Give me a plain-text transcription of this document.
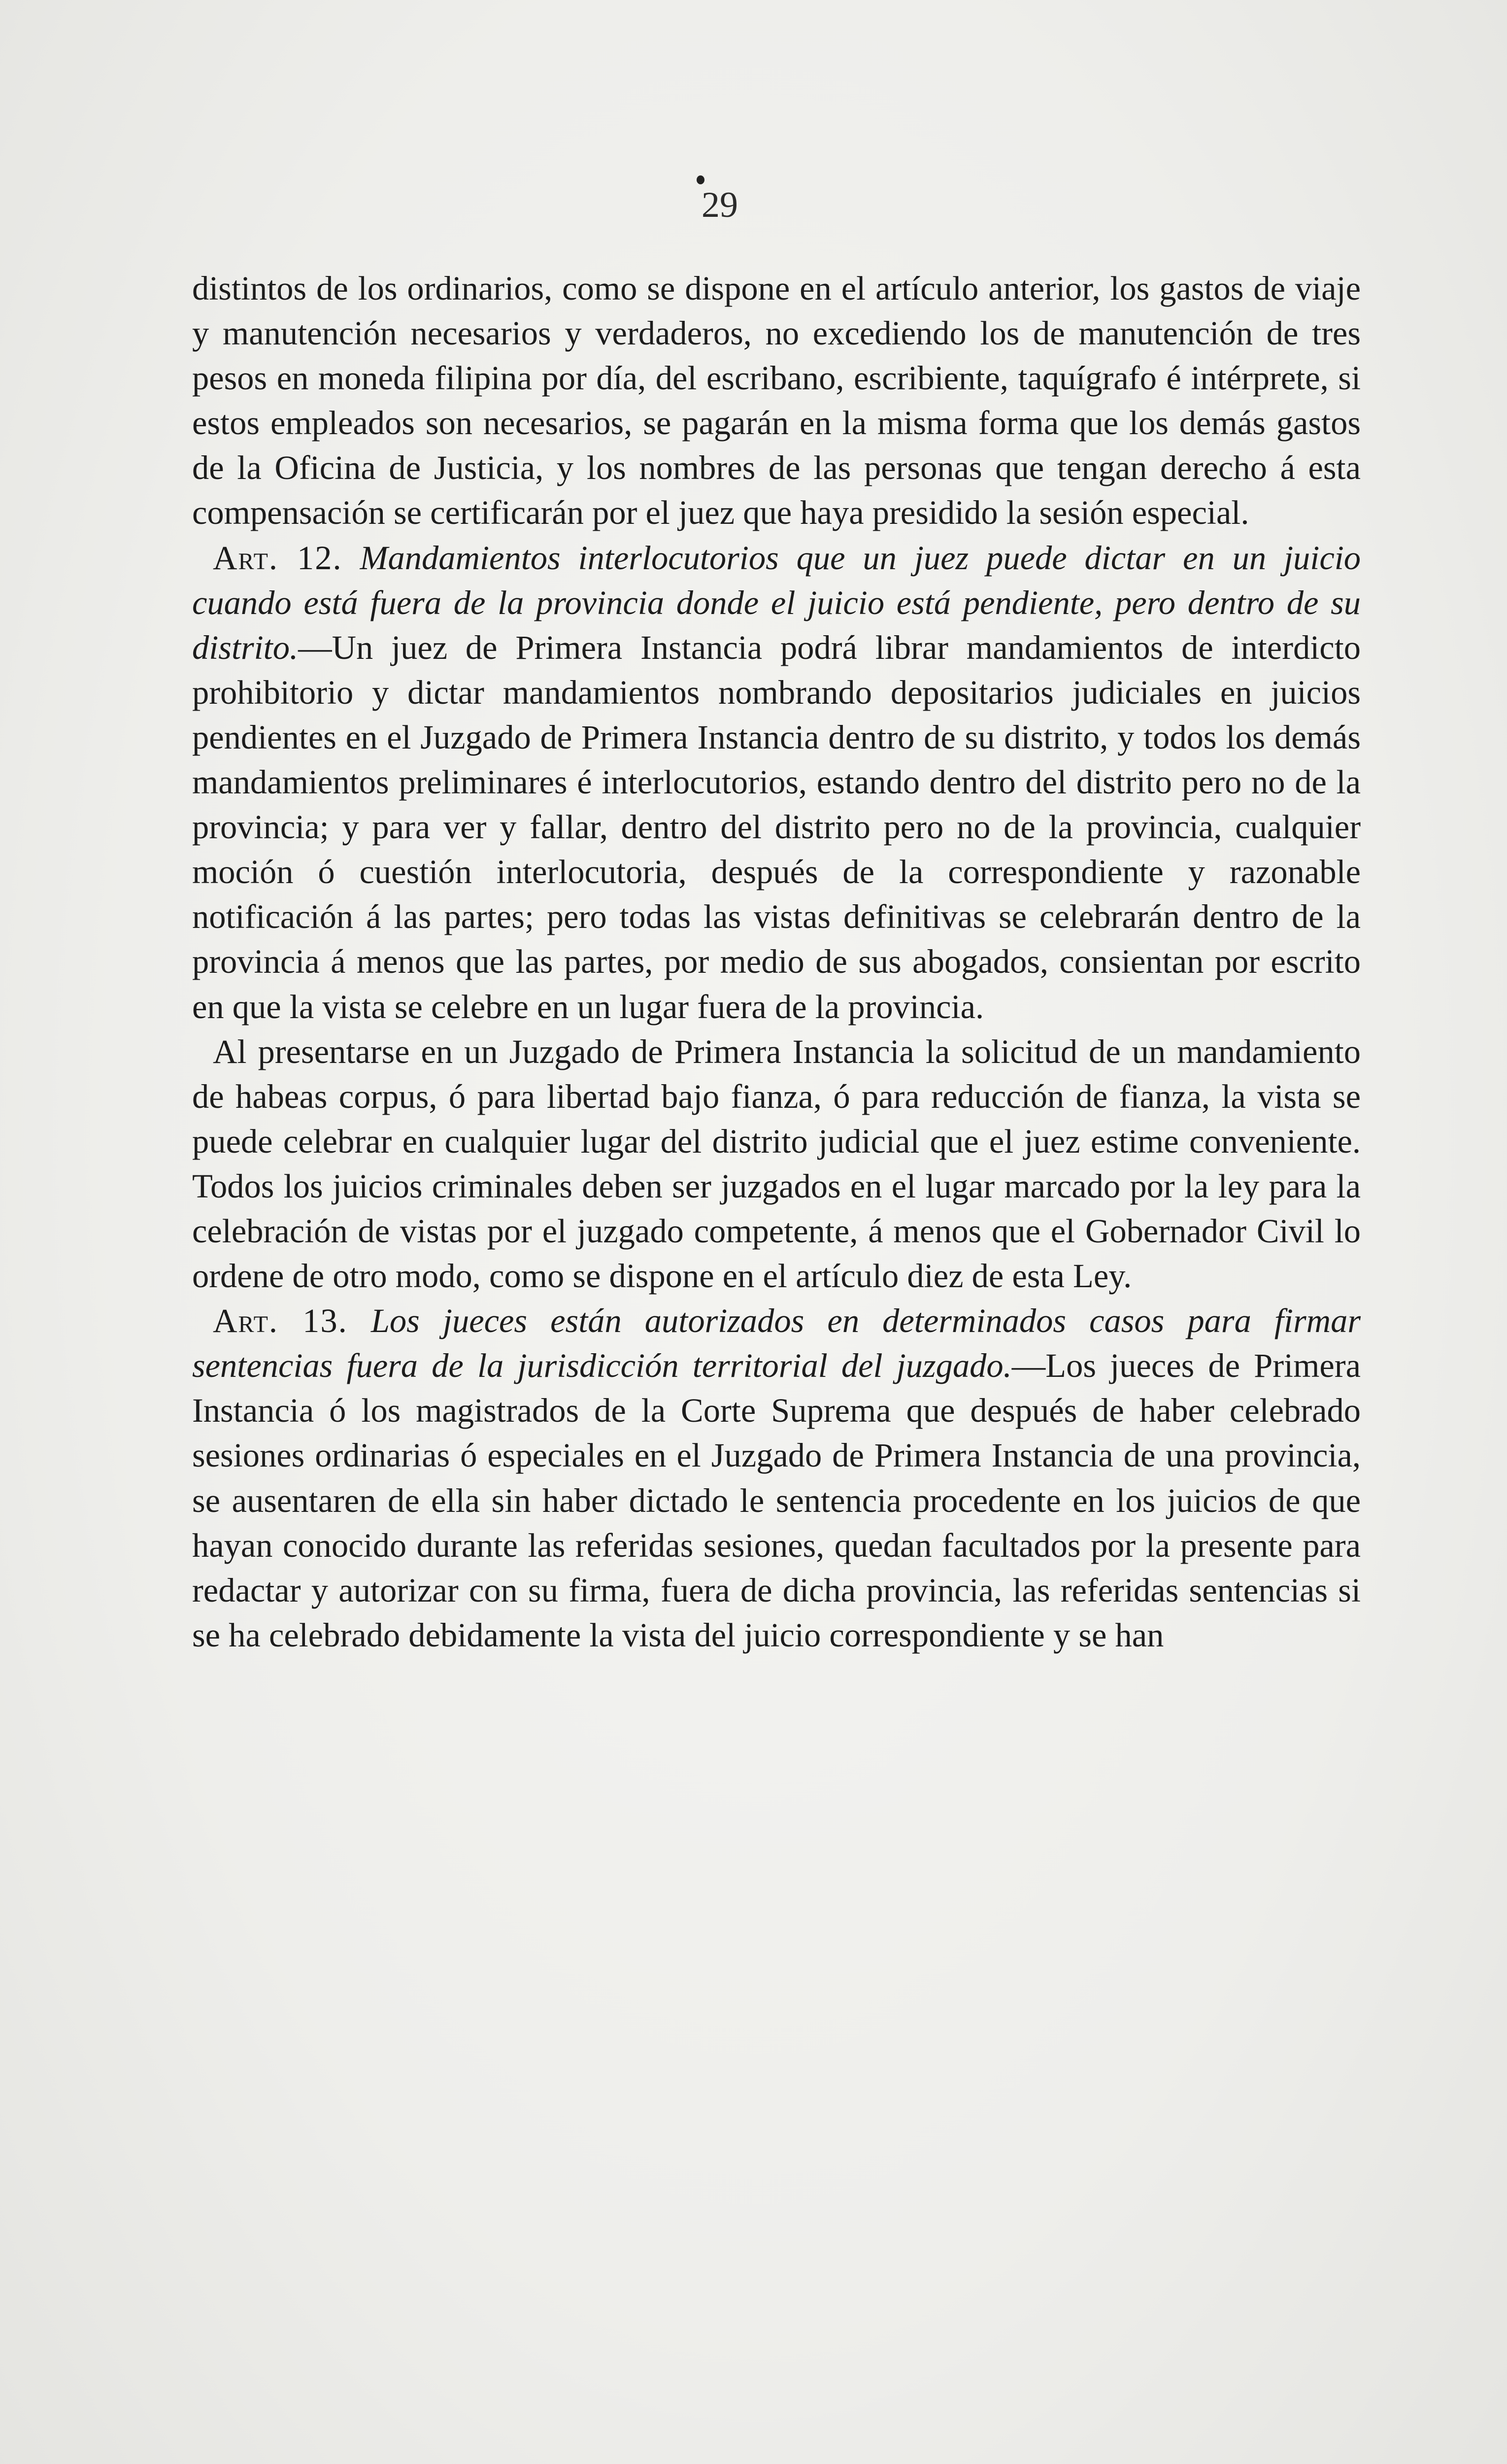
29

distintos de los ordinarios, como se dispone en el artículo anterior, los gastos de viaje y manutención necesarios y verdaderos, no excediendo los de manutención de tres pesos en moneda filipina por día, del escribano, escribiente, taquígrafo é intérprete, si estos empleados son necesarios, se pagarán en la misma forma que los demás gastos de la Oficina de Justicia, y los nombres de las personas que tengan derecho á esta compensación se certificarán por el juez que haya presidido la sesión especial.

Art. 12. Mandamientos interlocutorios que un juez puede dictar en un juicio cuando está fuera de la provincia donde el juicio está pendiente, pero dentro de su distrito.—Un juez de Primera Instancia podrá librar mandamientos de interdicto prohibitorio y dictar mandamientos nombrando depositarios judiciales en juicios pendientes en el Juzgado de Primera Instancia dentro de su distrito, y todos los demás mandamientos preliminares é interlocutorios, estando dentro del distrito pero no de la provincia; y para ver y fallar, dentro del distrito pero no de la provincia, cualquier moción ó cuestión interlocutoria, después de la correspondiente y razonable notificación á las partes; pero todas las vistas definitivas se celebrarán dentro de la provincia á menos que las partes, por medio de sus abogados, consientan por escrito en que la vista se celebre en un lugar fuera de la provincia.

Al presentarse en un Juzgado de Primera Instancia la solicitud de un mandamiento de habeas corpus, ó para libertad bajo fianza, ó para reducción de fianza, la vista se puede celebrar en cualquier lugar del distrito judicial que el juez estime conveniente. Todos los juicios criminales deben ser juzgados en el lugar marcado por la ley para la celebración de vistas por el juzgado competente, á menos que el Gobernador Civil lo ordene de otro modo, como se dispone en el artículo diez de esta Ley.

Art. 13. Los jueces están autorizados en determinados casos para firmar sentencias fuera de la jurisdicción territorial del juzgado.—Los jueces de Primera Instancia ó los magistrados de la Corte Suprema que después de haber celebrado sesiones ordinarias ó especiales en el Juzgado de Primera Instancia de una provincia, se ausentaren de ella sin haber dictado le sentencia procedente en los juicios de que hayan conocido durante las referidas sesiones, quedan facultados por la presente para redactar y autorizar con su firma, fuera de dicha provincia, las referidas sentencias si se ha celebrado debidamente la vista del juicio correspondiente y se han
